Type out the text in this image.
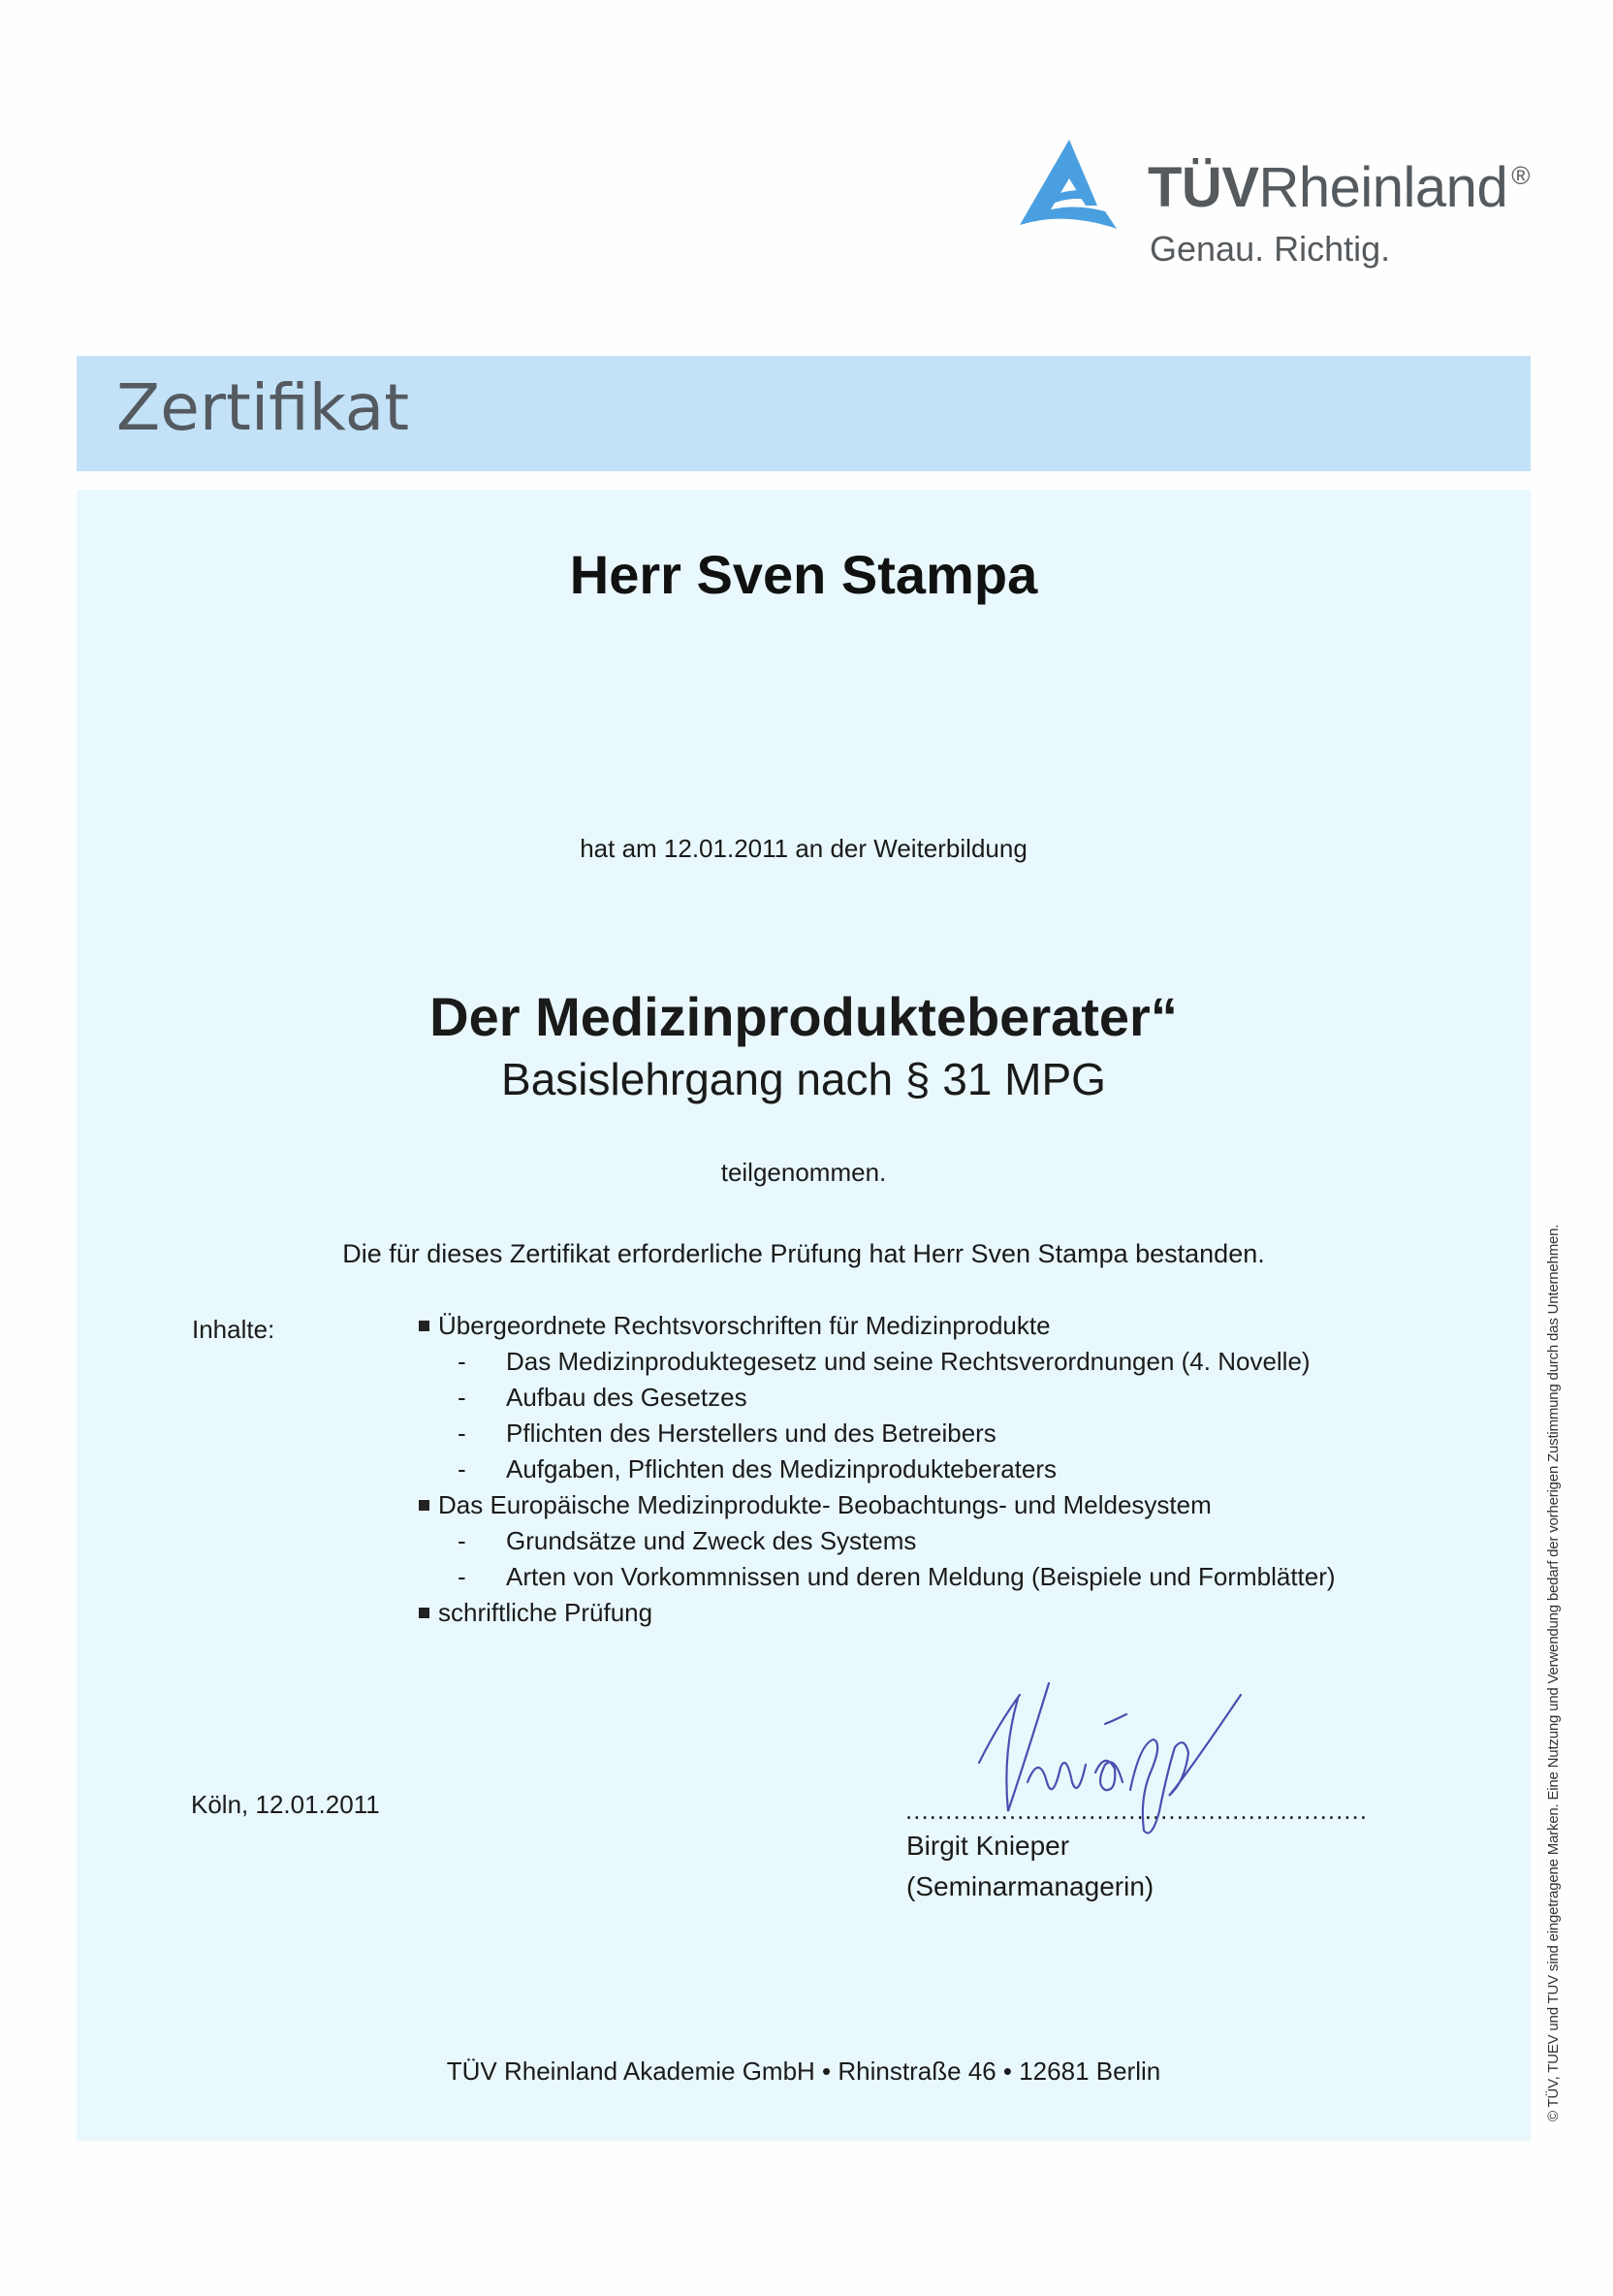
TÜVRheinland ®
Genau. Richtig.
Zertifikat
Herr Sven Stampa
hat am 12.01.2011 an der Weiterbildung
Der Medizinprodukteberater“
Basislehrgang nach § 31 MPG
teilgenommen.
Die für dieses Zertifikat erforderliche Prüfung hat Herr Sven Stampa bestanden.
Inhalte:	Übergeordnete Rechtsvorschriften für Medizinprodukte
- Das Medizinproduktegesetz und seine Rechtsverordnungen (4. Novelle)
- Aufbau des Gesetzes
- Pflichten des Herstellers und des Betreibers
- Aufgaben, Pflichten des Medizinprodukteberaters
Das Europäische Medizinprodukte- Beobachtungs- und Meldesystem
- Grundsätze und Zweck des Systems
- Arten von Vorkommnissen und deren Meldung (Beispiele und Formblätter)
schriftliche Prüfung
Köln, 12.01.2011	..........................................................
Birgit Knieper
(Seminarmanagerin)
TÜV Rheinland Akademie GmbH • Rhinstraße 46 • 12681 Berlin	© TÜV, TUEV und TUV sind eingetragene Marken. Eine Nutzung und Verwendung bedarf der vorherigen Zustimmung durch das Unternehmen.
